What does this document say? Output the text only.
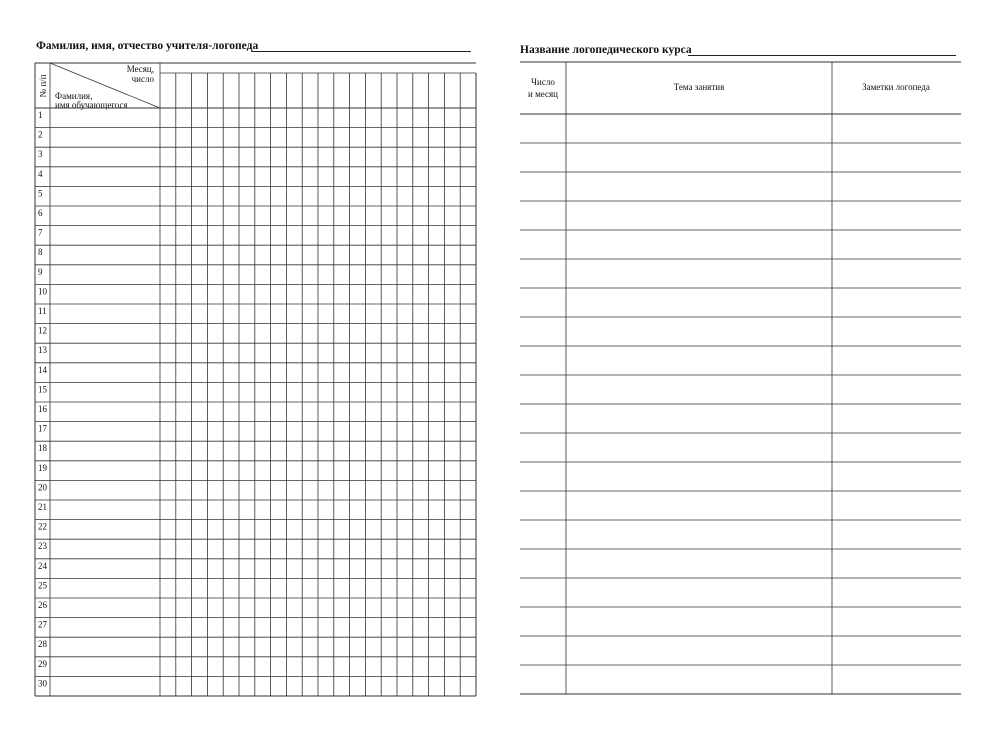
Фамилия, имя, отчество учителя-логопеда	Название логопедического курса
Месяц,
число
Фамилия,
имя обучающегося
№ п/п
1
2
3
4
5
6
7
8
9
10
11
12
13
14
15
16
17
18
19
20
21
22
23
24
25
26
27
28
29
30
Число
и месяц
Тема занятия	Заметки логопеда
